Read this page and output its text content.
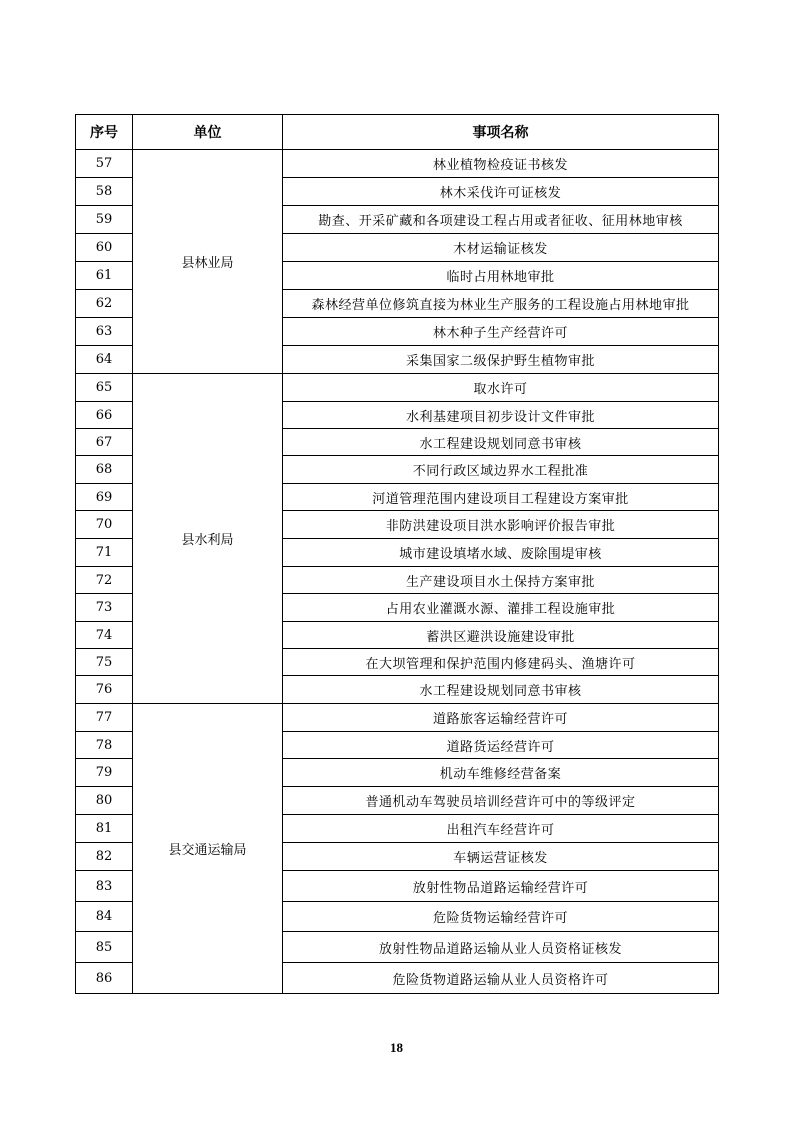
序号	单位	事项名称
57	县林业局	林业植物检疫证书核发
58		林木采伐许可证核发
59		勘查、开采矿藏和各项建设工程占用或者征收、征用林地审核
60		木材运输证核发
61		临时占用林地审批
62		森林经营单位修筑直接为林业生产服务的工程设施占用林地审批
63		林木种子生产经营许可
64		采集国家二级保护野生植物审批
65	县水利局	取水许可
66		水利基建项目初步设计文件审批
67		水工程建设规划同意书审核
68		不同行政区域边界水工程批准
69		河道管理范围内建设项目工程建设方案审批
70		非防洪建设项目洪水影响评价报告审批
71		城市建设填堵水域、废除围堤审核
72		生产建设项目水土保持方案审批
73		占用农业灌溉水源、灌排工程设施审批
74		蓄洪区避洪设施建设审批
75		在大坝管理和保护范围内修建码头、渔塘许可
76		水工程建设规划同意书审核
77	县交通运输局	道路旅客运输经营许可
78		道路货运经营许可
79		机动车维修经营备案
80		普通机动车驾驶员培训经营许可中的等级评定
81		出租汽车经营许可
82		车辆运营证核发
83		放射性物品道路运输经营许可
84		危险货物运输经营许可
85		放射性物品道路运输从业人员资格证核发
86		危险货物道路运输从业人员资格许可
18
